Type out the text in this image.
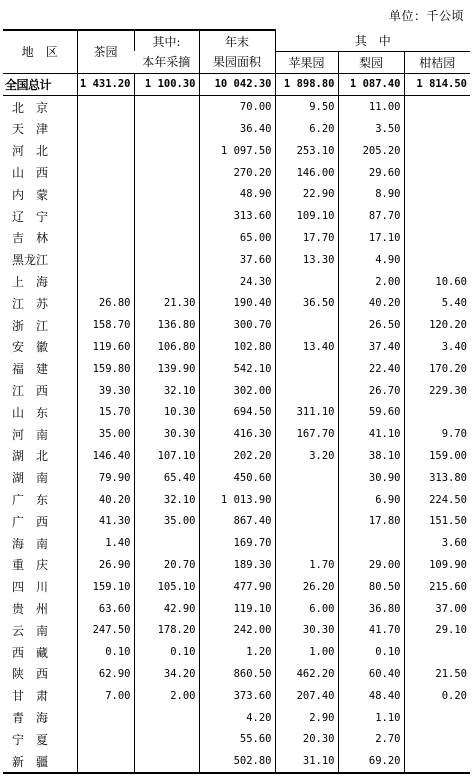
单位：千公顷
地　区	茶园	其中:	年末	其　中		
		本年采摘	果园面积	苹果园	梨园	柑桔园
全国总计	1 431.20	1 100.30	10 042.30	1 898.80	1 087.40	1 814.50
北　京			70.00	9.50	11.00	
天　津			36.40	6.20	3.50	
河　北			1 097.50	253.10	205.20	
山　西			270.20	146.00	29.60	
内　蒙			48.90	22.90	8.90	
辽　宁			313.60	109.10	87.70	
吉　林			65.00	17.70	17.10	
黑龙江			37.60	13.30	4.90	
上　海			24.30		2.00	10.60
江　苏	26.80	21.30	190.40	36.50	40.20	5.40
浙　江	158.70	136.80	300.70		26.50	120.20
安　徽	119.60	106.80	102.80	13.40	37.40	3.40
福　建	159.80	139.90	542.10		22.40	170.20
江　西	39.30	32.10	302.00		26.70	229.30
山　东	15.70	10.30	694.50	311.10	59.60	
河　南	35.00	30.30	416.30	167.70	41.10	9.70
湖　北	146.40	107.10	202.20	3.20	38.10	159.00
湖　南	79.90	65.40	450.60		30.90	313.80
广　东	40.20	32.10	1 013.90		6.90	224.50
广　西	41.30	35.00	867.40		17.80	151.50
海　南	1.40		169.70			3.60
重　庆	26.90	20.70	189.30	1.70	29.00	109.90
四　川	159.10	105.10	477.90	26.20	80.50	215.60
贵　州	63.60	42.90	119.10	6.00	36.80	37.00
云　南	247.50	178.20	242.00	30.30	41.70	29.10
西　藏	0.10	0.10	1.20	1.00	0.10	
陕　西	62.90	34.20	860.50	462.20	60.40	21.50
甘　肃	7.00	2.00	373.60	207.40	48.40	0.20
青　海			4.20	2.90	1.10	
宁　夏			55.60	20.30	2.70	
新　疆			502.80	31.10	69.20	
